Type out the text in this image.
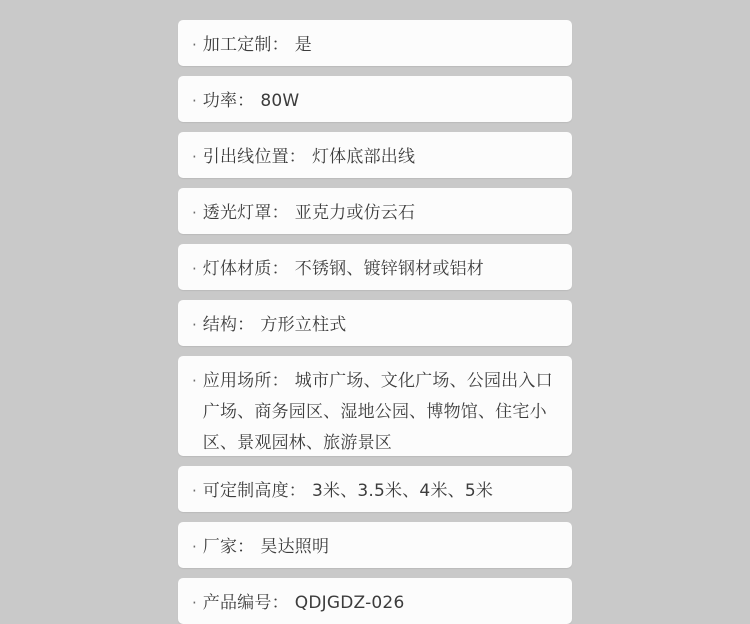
· 加工定制： 是
· 功率： 80W
· 引出线位置： 灯体底部出线
· 透光灯罩： 亚克力或仿云石
· 灯体材质： 不锈钢、镀锌钢材或铝材
· 结构： 方形立柱式
· 应用场所： 城市广场、文化广场、公园出入口广场、商务园区、湿地公园、博物馆、住宅小区、景观园林、旅游景区
· 可定制高度： 3米、3.5米、4米、5米
· 厂家： 昊达照明
· 产品编号： QDJGDZ-026
